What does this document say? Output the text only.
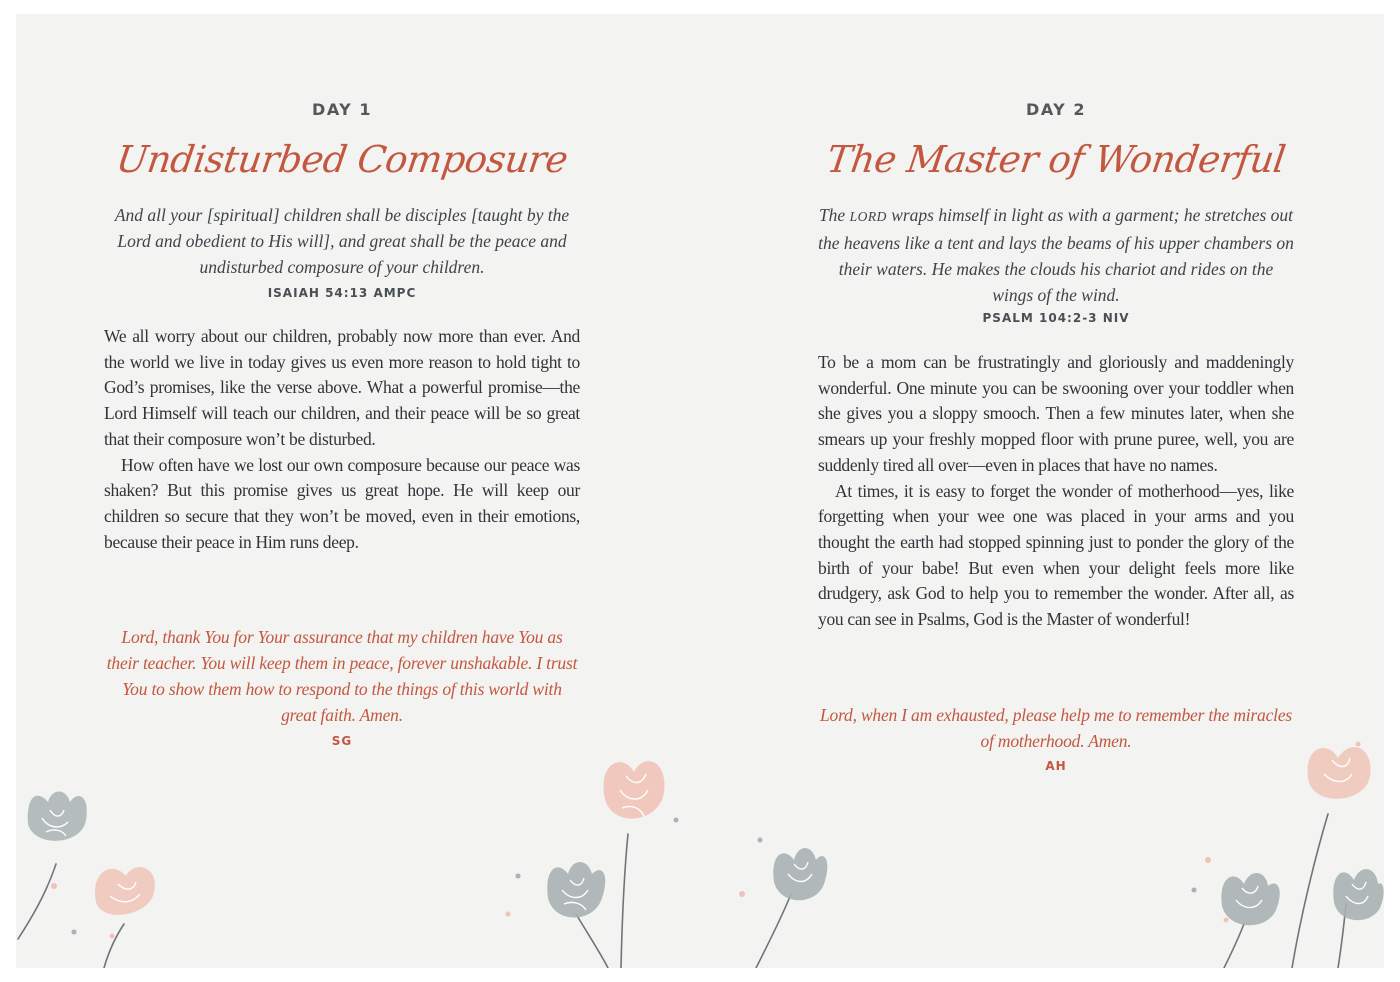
DAY 1
Undisturbed Composure
And all your [spiritual] children shall be disciples [taught by the Lord and obedient to His will], and great shall be the peace and undisturbed composure of your children.
ISAIAH 54:13 AMPC

We all worry about our children, probably now more than ever. And the world we live in today gives us even more reason to hold tight to God’s promises, like the verse above. What a powerful promise—the Lord Himself will teach our children, and their peace will be so great that their composure won’t be disturbed.

How often have we lost our own composure because our peace was shaken? But this promise gives us great hope. He will keep our children so secure that they won’t be moved, even in their emotions, because their peace in Him runs deep.

Lord, thank You for Your assurance that my children have You as their teacher. You will keep them in peace, forever unshakable. I trust You to show them how to respond to the things of this world with great faith. Amen.
SG
DAY 2
The Master of Wonderful
The LORD wraps himself in light as with a garment; he stretches out the heavens like a tent and lays the beams of his upper chambers on their waters. He makes the clouds his chariot and rides on the wings of the wind.
PSALM 104:2-3 NIV

To be a mom can be frustratingly and gloriously and maddeningly wonderful. One minute you can be swooning over your toddler when she gives you a sloppy smooch. Then a few minutes later, when she smears up your freshly mopped floor with prune puree, well, you are suddenly tired all over—even in places that have no names.

At times, it is easy to forget the wonder of motherhood—yes, like forgetting when your wee one was placed in your arms and you thought the earth had stopped spinning just to ponder the glory of the birth of your babe! But even when your delight feels more like drudgery, ask God to help you to remember the wonder. After all, as you can see in Psalms, God is the Master of wonderful!

Lord, when I am exhausted, please help me to remember the miracles of motherhood. Amen.
AH
